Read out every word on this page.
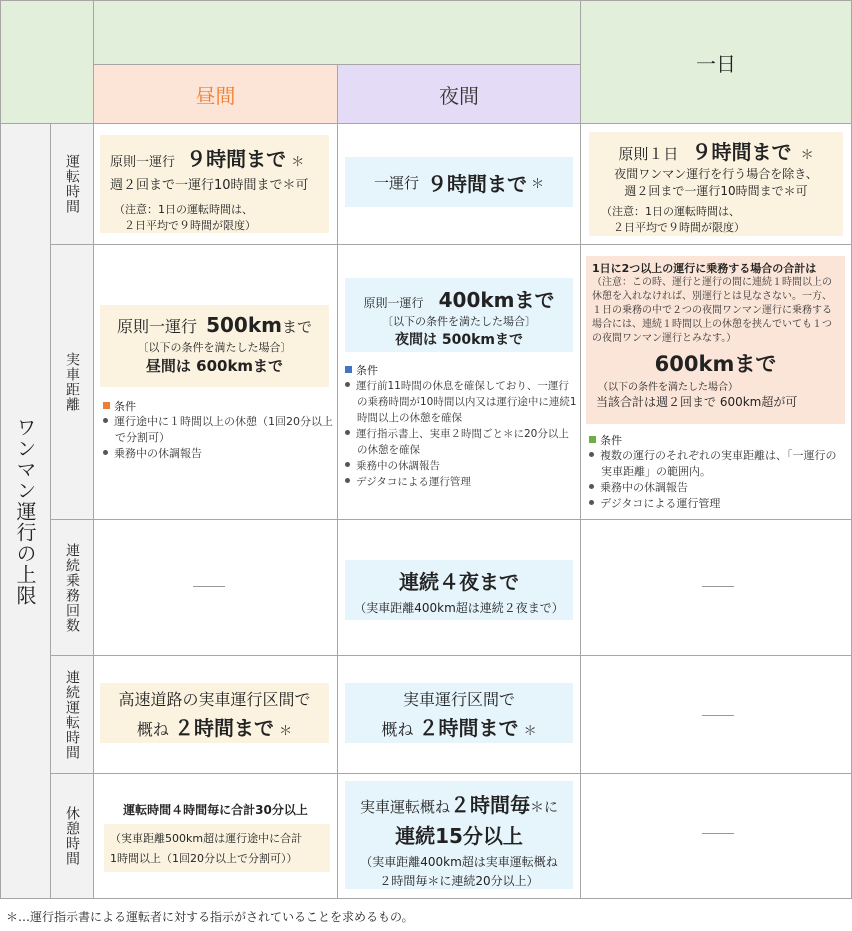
昼間	夜間
一日
ワンマン運行の上限
運転時間
実車距離
連続乗務回数
連続運転時間
休憩時間
原則一運行 ９時間まで ＊
週２回まで一運行10時間まで＊可
（注意：1日の運転時間は、
２日平均で９時間が限度）
一運行 ９時間まで ＊
原則１日 ９時間まで ＊
夜間ワンマン運行を行う場合を除き、
週２回まで一運行10時間まで＊可
（注意：1日の運転時間は、
２日平均で９時間が限度）
原則一運行 500kmまで
〔以下の条件を満たした場合〕
昼間は 600kmまで
条件
運行途中に１時間以上の休憩（1回20分以上で分割可）
乗務中の休調報告
原則一運行 400kmまで
〔以下の条件を満たした場合〕
夜間は 500kmまで
条件
運行前11時間の休息を確保しており、一運行の乗務時間が10時間以内又は運行途中に連続1時間以上の休憩を確保
運行指示書上、実車２時間ごと＊に20分以上の休憩を確保
乗務中の休調報告
デジタコによる運行管理
1日に2つ以上の運行に乗務する場合の合計は
（注意：この時、運行と運行の間に連続１時間以上の休憩を入れなければ、別運行とは見なさない。一方、１日の乗務の中で２つの夜間ワンマン運行に乗務する場合には、連続１時間以上の休憩を挟んでいても１つの夜間ワンマン運行とみなす。）
600kmまで
（以下の条件を満たした場合）
当該合計は週２回まで 600km超が可
条件
複数の運行のそれぞれの実車距離は、「一運行の実車距離」の範囲内。
乗務中の休調報告
デジタコによる運行管理
連続４夜まで
（実車距離400km超は連続２夜まで）
高速道路の実車運行区間で
概ね ２時間まで ＊
実車運行区間で
概ね ２時間まで ＊
運転時間４時間毎に合計30分以上
（実車距離500km超は運行途中に合計
1時間以上（1回20分以上で分割可））
実車運転概ね２時間毎＊に
連続15分以上
（実車距離400km超は実車運転概ね
２時間毎＊に連続20分以上）
＊…運行指示書による運転者に対する指示がされていることを求めるもの。
